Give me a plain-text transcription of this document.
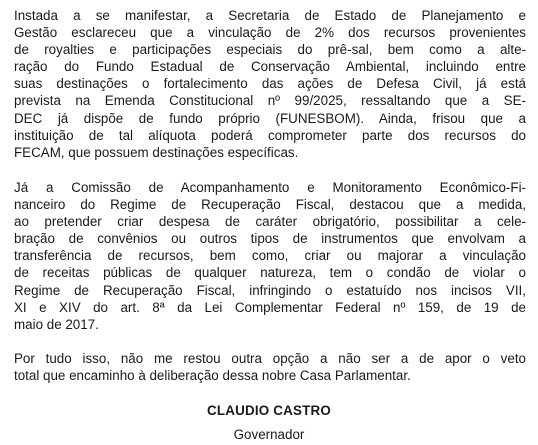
Instada a se manifestar, a Secretaria de Estado de Planejamento e
Gestão esclareceu que a vinculação de 2% dos recursos provenientes
de royalties e participações especiais do prê-sal, bem como a alte-
ração do Fundo Estadual de Conservação Ambiental, incluindo entre
suas destinações o fortalecimento das ações de Defesa Civil, já está
prevista na Emenda Constitucional nº 99/2025, ressaltando que a SE-
DEC já dispõe de fundo próprio (FUNESBOM). Ainda, frisou que a
instituição de tal alíquota poderá comprometer parte dos recursos do
FECAM, que possuem destinações específicas.
Já a Comissão de Acompanhamento e Monitoramento Econômico-Fi-
nanceiro do Regime de Recuperação Fiscal, destacou que a medida,
ao pretender criar despesa de caráter obrigatório, possibilitar a cele-
bração de convênios ou outros tipos de instrumentos que envolvam a
transferência de recursos, bem como, criar ou majorar a vinculação
de receitas públicas de qualquer natureza, tem o condão de violar o
Regime de Recuperação Fiscal, infringindo o estatuído nos incisos VII,
XI e XIV do art. 8ª da Lei Complementar Federal nº 159, de 19 de
maio de 2017.
Por tudo isso, não me restou outra opção a não ser a de apor o veto
total que encaminho à deliberação dessa nobre Casa Parlamentar.

CLAUDIO CASTRO

Governador
